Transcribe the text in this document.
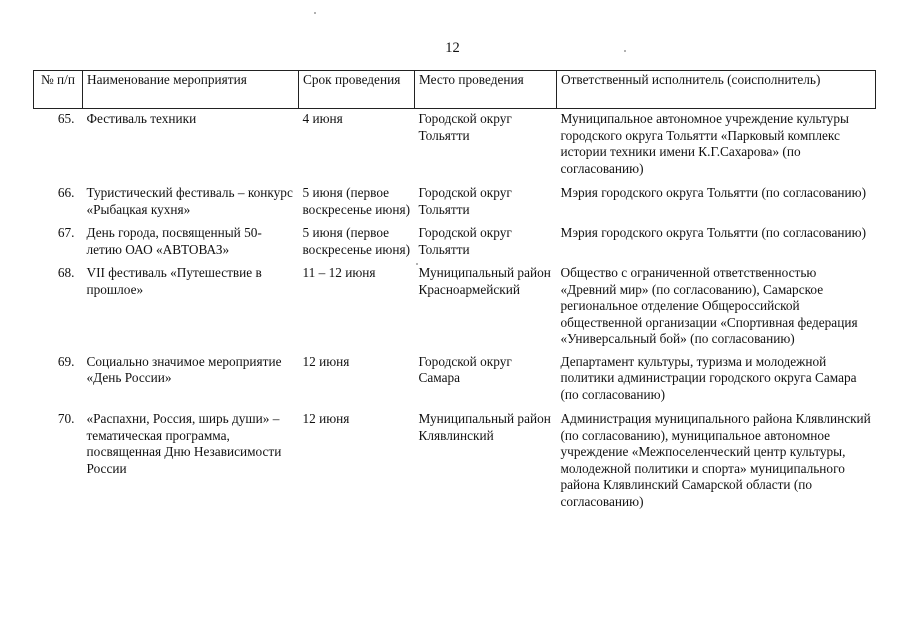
12
№ п/п	Наименование мероприятия	Срок проведения	Место проведения	Ответственный исполнитель (соисполнитель)
65.	Фестиваль техники	4 июня	Городской округ Тольятти	Муниципальное автономное учреждение культуры городского округа Тольятти «Парковый комплекс истории техники имени К.Г.Сахарова» (по согласованию)
66.	Туристический фестиваль – конкурс «Рыбацкая кухня»	5 июня (первое воскресенье июня)	Городской округ Тольятти	Мэрия городского округа Тольятти (по согласованию)
67.	День города, посвященный 50-летию ОАО «АВТОВАЗ»	5 июня (первое воскресенье июня)	Городской округ Тольятти	Мэрия городского округа Тольятти (по согласованию)
68.	VII фестиваль «Путешествие в прошлое»	11 – 12 июня	Муниципальный район Красноармейский	Общество с ограниченной ответственностью «Древний мир» (по согласованию), Самарское региональное отделение Общероссийской общественной организации «Спортивная федерация «Универсальный бой» (по согласованию)
69.	Социально значимое мероприятие «День России»	12 июня	Городской округ Самара	Департамент культуры, туризма и молодежной политики администрации городского округа Самара (по согласованию)
70.	«Распахни, Россия, ширь души» – тематическая программа, посвященная Дню Независимости России	12 июня	Муниципальный район Клявлинский	Администрация муниципального района Клявлинский (по согласованию), муниципальное автономное учреждение «Межпоселенческий центр культуры, молодежной политики и спорта» муниципального района Клявлинский Самарской области (по согласованию)
